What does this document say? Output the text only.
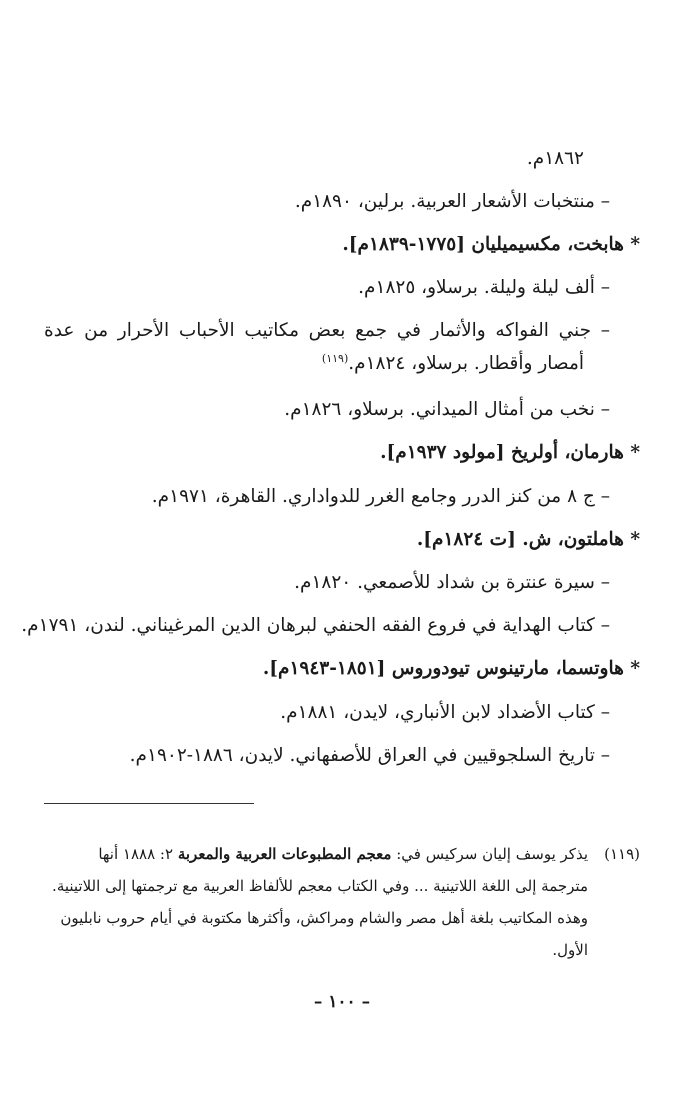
١٨٦٢م.
– منتخبات الأشعار العربية. برلين، ١٨٩٠م.
* هابخت، مكسيميليان [١٧٧٥-١٨٣٩م].
– ألف ليلة وليلة. برسلاو، ١٨٢٥م.
– جني الفواكه والأثمار في جمع بعض مكاتيب الأحباب الأحرار من عدة
أمصار وأقطار. برسلاو، ١٨٢٤م.$^{(١١٩)}$
– نخب من أمثال الميداني. برسلاو، ١٨٢٦م.
* هارمان، أولريخ [مولود ١٩٣٧م].
– ج ٨ من كنز الدرر وجامع الغرر للدواداري. القاهرة، ١٩٧١م.
* هاملتون، ش. [ت ١٨٢٤م].
– سيرة عنترة بن شداد للأصمعي. ١٨٢٠م.
– كتاب الهداية في فروع الفقه الحنفي لبرهان الدين المرغيناني. لندن، ١٧٩١م.
* هاوتسما، مارتينوس تيودوروس [١٨٥١-١٩٤٣م].
– كتاب الأضداد لابن الأنباري، لايدن، ١٨٨١م.
– تاريخ السلجوقيين في العراق للأصفهاني. لايدن، ١٨٨٦-١٩٠٢م.
(١١٩)
يذكر يوسف إليان سركيس في: معجم المطبوعات العربية والمعربة ٢: ١٨٨٨ أنها
مترجمة إلى اللغة اللاتينية ... وفي الكتاب معجم للألفاظ العربية مع ترجمتها إلى اللاتينية.
وهذه المكاتيب بلغة أهل مصر والشام ومراكش، وأكثرها مكتوبة في أيام حروب نابليون
الأول.
– ١٠٠ –
